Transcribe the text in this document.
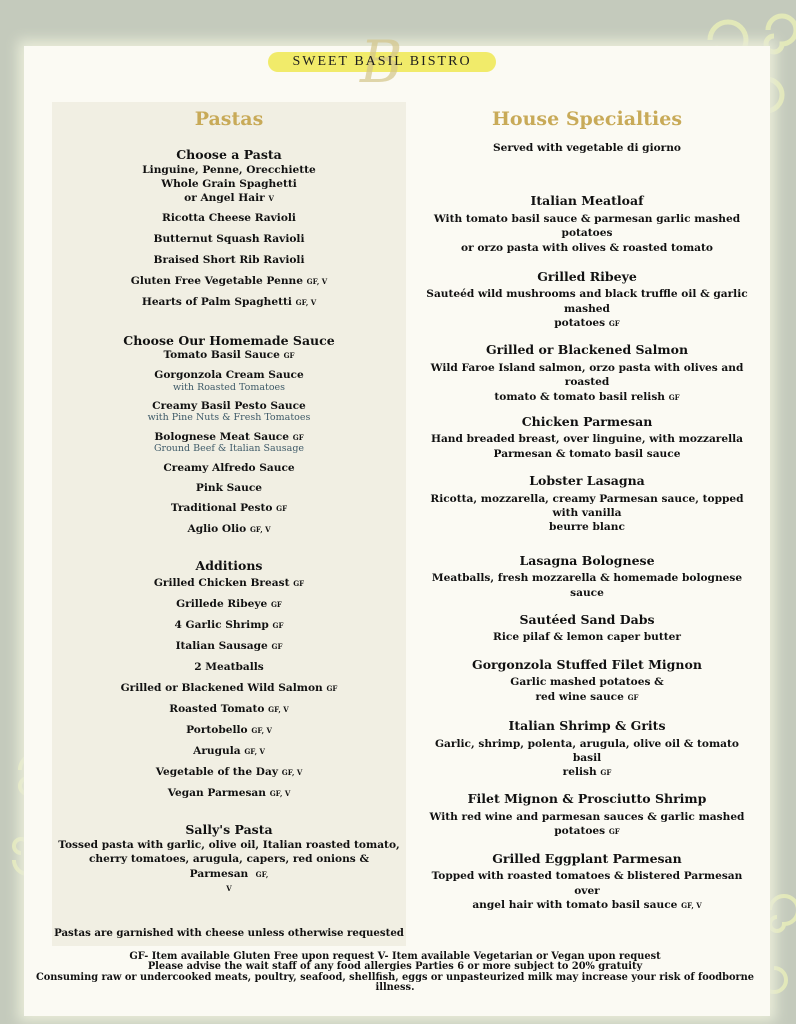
B
SWEET BASIL BISTRO
Pastas

Choose a Pasta

Linguine, Penne, Orecchiette

Whole Grain Spaghetti

or Angel Hair V

Ricotta Cheese Ravioli

Butternut Squash Ravioli

Braised Short Rib Ravioli

Gluten Free Vegetable Penne GF, V

Hearts of Palm Spaghetti GF, V

Choose Our Homemade Sauce

Tomato Basil Sauce GF

Gorgonzola Cream Sauce

with Roasted Tomatoes

Creamy Basil Pesto Sauce

with Pine Nuts & Fresh Tomatoes

Bolognese Meat Sauce GF

Ground Beef & Italian Sausage

Creamy Alfredo Sauce

Pink Sauce

Traditional Pesto GF

Aglio Olio GF, V

Additions

Grilled Chicken Breast GF

Grillede Ribeye GF

4 Garlic Shrimp GF

Italian Sausage GF

2 Meatballs

Grilled or Blackened Wild Salmon GF

Roasted Tomato GF, V

Portobello GF, V

Arugula GF, V

Vegetable of the Day GF, V

Vegan Parmesan GF, V

Sally's Pasta

Tossed pasta with garlic, olive oil, Italian roasted tomato,

cherry tomatoes, arugula, capers, red onions & Parmesan GF,

V

Pastas are garnished with cheese unless otherwise requested

House Specialties

Served with vegetable di giorno

Italian Meatloaf

With tomato basil sauce & parmesan garlic mashed potatoes

or orzo pasta with olives & roasted tomato

Grilled Ribeye

Sauteéd wild mushrooms and black truffle oil & garlic mashed

potatoes GF

Grilled or Blackened Salmon

Wild Faroe Island salmon, orzo pasta with olives and roasted

tomato & tomato basil relish GF

Chicken Parmesan

Hand breaded breast, over linguine, with mozzarella

Parmesan & tomato basil sauce

Lobster Lasagna

Ricotta, mozzarella, creamy Parmesan sauce, topped with vanilla

beurre blanc

Lasagna Bolognese

Meatballs, fresh mozzarella & homemade bolognese sauce

Sautéed Sand Dabs

Rice pilaf & lemon caper butter

Gorgonzola Stuffed Filet Mignon

Garlic mashed potatoes &

red wine sauce GF

Italian Shrimp & Grits

Garlic, shrimp, polenta, arugula, olive oil & tomato basil

relish GF

Filet Mignon & Prosciutto Shrimp

With red wine and parmesan sauces & garlic mashed

potatoes GF

Grilled Eggplant Parmesan

Topped with roasted tomatoes & blistered Parmesan over

angel hair with tomato basil sauce GF, V

GF- Item available Gluten Free upon request V- Item available Vegetarian or Vegan upon request
Please advise the wait staff of any food allergies Parties 6 or more subject to 20% gratuity
Consuming raw or undercooked meats, poultry, seafood, shellfish, eggs or unpasteurized milk may increase your risk of foodborne
illness.
